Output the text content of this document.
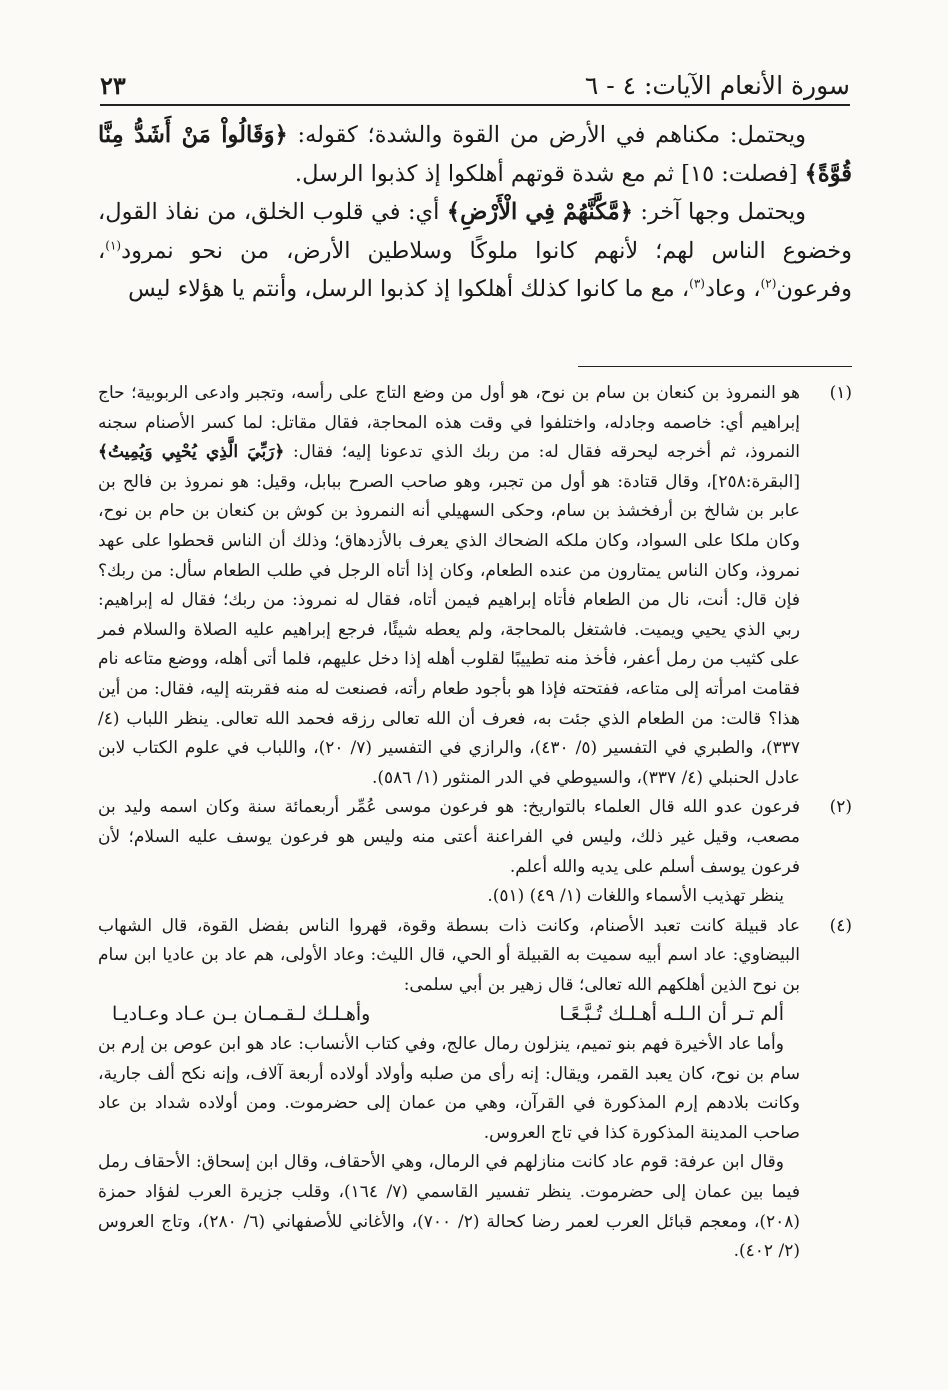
سورة الأنعام الآيات: ٤ - ٦
٢٣

ويحتمل: مكناهم في الأرض من القوة والشدة؛ كقوله: ﴿وَقَالُواْ مَنْ أَشَدُّ مِنَّا قُوَّةً﴾ [فصلت: ١٥] ثم مع شدة قوتهم أهلكوا إذ كذبوا الرسل.

ويحتمل وجها آخر: ﴿مَّكَّنَّهُمْ فِي الْأَرْضِ﴾ أي: في قلوب الخلق، من نفاذ القول، وخضوع الناس لهم؛ لأنهم كانوا ملوكًا وسلاطين الأرض، من نحو نمرود$^{(١)}$، وفرعون$^{(٢)}$، وعاد$^{(٣)}$، مع ما كانوا كذلك أهلكوا إذ كذبوا الرسل، وأنتم يا هؤلاء ليس

(١)

هو النمروذ بن كنعان بن سام بن نوح، هو أول من وضع التاج على رأسه، وتجبر وادعى الربوبية؛ حاج إبراهيم أي: خاصمه وجادله، واختلفوا في وقت هذه المحاجة، فقال مقاتل: لما كسر الأصنام سجنه النمروذ، ثم أخرجه ليحرقه فقال له: من ربك الذي تدعونا إليه؛ فقال: ﴿رَبِّيَ الَّذِي يُحْيِي وَيُمِيتُ﴾ [البقرة:٢٥٨]، وقال قتادة: هو أول من تجبر، وهو صاحب الصرح ببابل، وقيل: هو نمروذ بن فالح بن عابر بن شالخ بن أرفخشذ بن سام، وحكى السهيلي أنه النمروذ بن كوش بن كنعان بن حام بن نوح، وكان ملكا على السواد، وكان ملكه الضحاك الذي يعرف بالأزدهاق؛ وذلك أن الناس قحطوا على عهد نمروذ، وكان الناس يمتارون من عنده الطعام، وكان إذا أتاه الرجل في طلب الطعام سأل: من ربك؟ فإن قال: أنت، نال من الطعام فأتاه إبراهيم فيمن أتاه، فقال له نمروذ: من ربك؛ فقال له إبراهيم: ربي الذي يحيي ويميت. فاشتغل بالمحاجة، ولم يعطه شيئًا، فرجع إبراهيم عليه الصلاة والسلام فمر على كثيب من رمل أعفر، فأخذ منه تطييبًا لقلوب أهله إذا دخل عليهم، فلما أتى أهله، ووضع متاعه نام فقامت امرأته إلى متاعه، ففتحته فإذا هو بأجود طعام رأته، فصنعت له منه فقربته إليه، فقال: من أين هذا؟ قالت: من الطعام الذي جئت به، فعرف أن الله تعالى رزقه فحمد الله تعالى. ينظر اللباب (٤/ ٣٣٧)، والطبري في التفسير (٥/ ٤٣٠)، والرازي في التفسير (٧/ ٢٠)، واللباب في علوم الكتاب لابن عادل الحنبلي (٤/ ٣٣٧)، والسيوطي في الدر المنثور (١/ ٥٨٦).

(٢)

فرعون عدو الله قال العلماء بالتواريخ: هو فرعون موسى عُمِّر أربعمائة سنة وكان اسمه وليد بن مصعب، وقيل غير ذلك، وليس في الفراعنة أعتى منه وليس هو فرعون يوسف عليه السلام؛ لأن فرعون يوسف أسلم على يديه والله أعلم.

ينظر تهذيب الأسماء واللغات (١/ ٤٩) (٥١).

(٤)

عاد قبيلة كانت تعبد الأصنام، وكانت ذات بسطة وقوة، قهروا الناس بفضل القوة، قال الشهاب البيضاوي: عاد اسم أبيه سميت به القبيلة أو الحي، قال الليث: وعاد الأولى، هم عاد بن عاديا ابن سام بن نوح الذين أهلكهم الله تعالى؛ قال زهير بن أبي سلمى:

ألم تـر أن الـلـه أهـلـك تُـبَّـعًـا
وأهـلـك لـقـمـان بـن عـاد وعـاديـا

وأما عاد الأخيرة فهم بنو تميم، ينزلون رمال عالج، وفي كتاب الأنساب: عاد هو ابن عوص بن إرم بن سام بن نوح، كان يعبد القمر، ويقال: إنه رأى من صلبه وأولاد أولاده أربعة آلاف، وإنه نكح ألف جارية، وكانت بلادهم إرم المذكورة في القرآن، وهي من عمان إلى حضرموت. ومن أولاده شداد بن عاد صاحب المدينة المذكورة كذا في تاج العروس.

وقال ابن عرفة: قوم عاد كانت منازلهم في الرمال، وهي الأحقاف، وقال ابن إسحاق: الأحقاف رمل فيما بين عمان إلى حضرموت. ينظر تفسير القاسمي (٧/ ١٦٤)، وقلب جزيرة العرب لفؤاد حمزة (٢٠٨)، ومعجم قبائل العرب لعمر رضا كحالة (٢/ ٧٠٠)، والأغاني للأصفهاني (٦/ ٢٨٠)، وتاج العروس (٢/ ٤٠٢).
